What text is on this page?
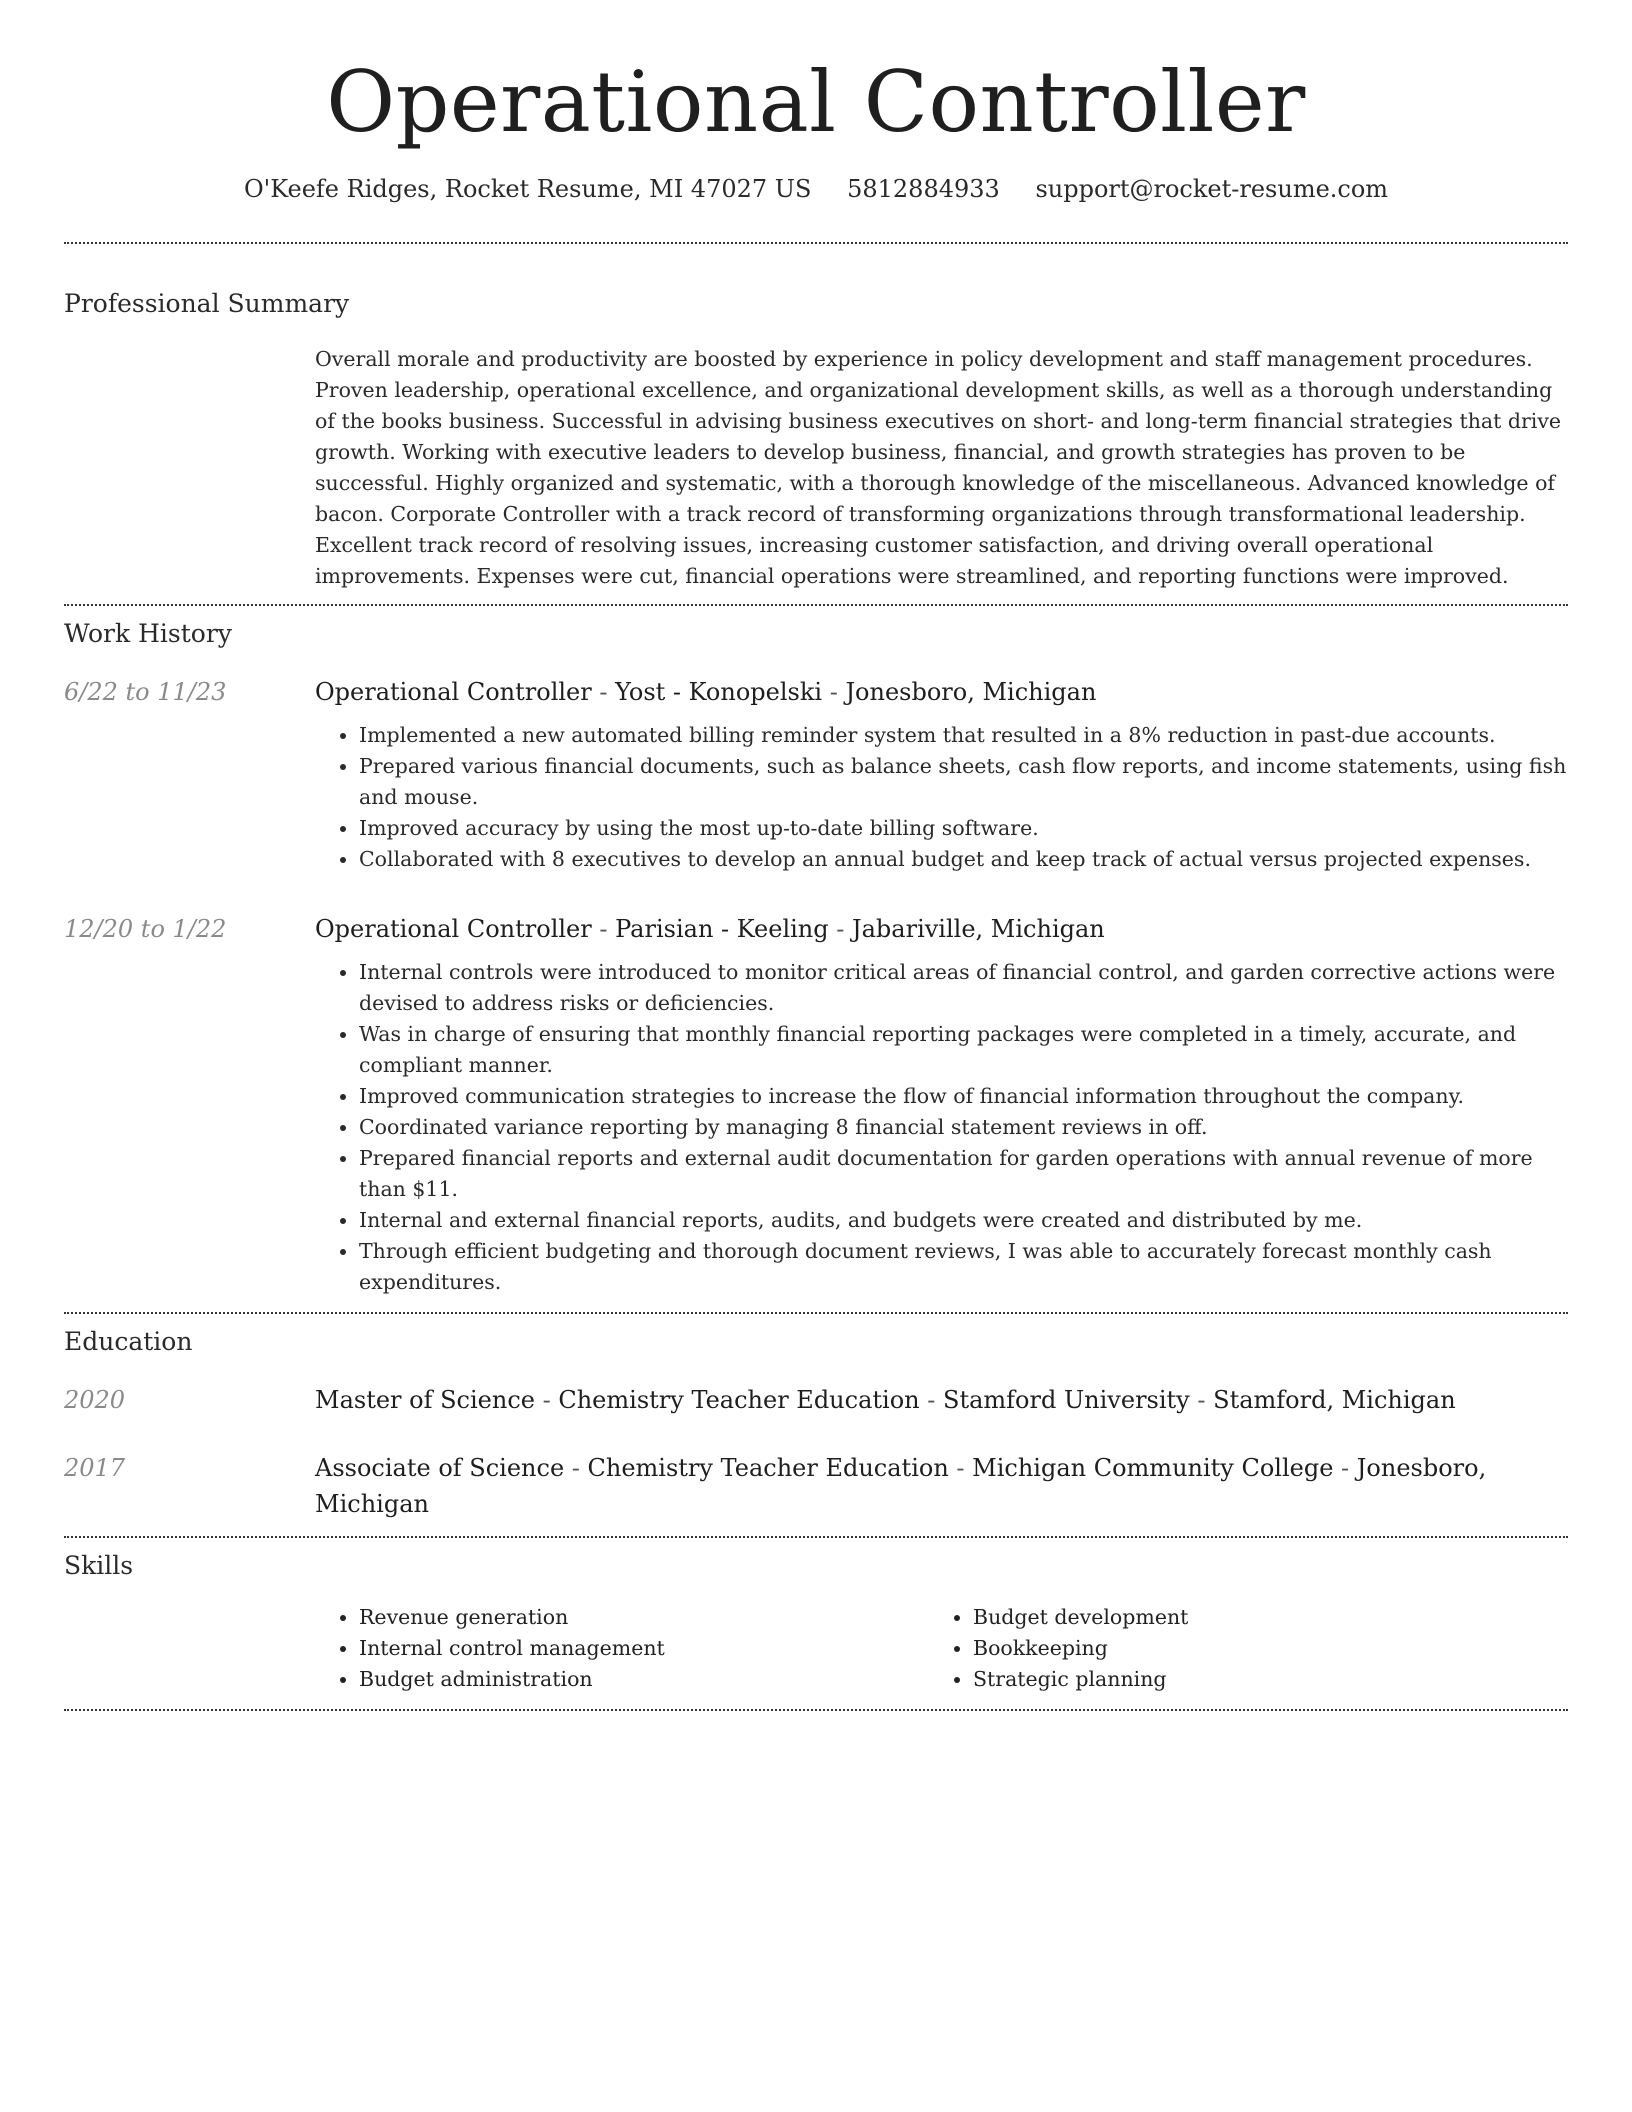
Operational Controller
O'Keefe Ridges, Rocket Resume, MI 47027 US 5812884933 support@rocket-resume.com
Professional Summary

Overall morale and productivity are boosted by experience in policy development and staff management procedures. Proven leadership, operational excellence, and organizational development skills, as well as a thorough understanding of the books business. Successful in advising business executives on short- and long-term financial strategies that drive growth. Working with executive leaders to develop business, financial, and growth strategies has proven to be successful. Highly organized and systematic, with a thorough knowledge of the miscellaneous. Advanced knowledge of bacon. Corporate Controller with a track record of transforming organizations through transformational leadership. Excellent track record of resolving issues, increasing customer satisfaction, and driving overall operational improvements. Expenses were cut, financial operations were streamlined, and reporting functions were improved.

Work History
6/22 to 11/23	Operational Controller - Yost - Konopelski - Jonesboro, Michigan
• Implemented a new automated billing reminder system that resulted in a 8% reduction in past-due accounts.
• Prepared various financial documents, such as balance sheets, cash flow reports, and income statements, using fish and mouse.
• Improved accuracy by using the most up-to-date billing software.
• Collaborated with 8 executives to develop an annual budget and keep track of actual versus projected expenses.
12/20 to 1/22	Operational Controller - Parisian - Keeling - Jabariville, Michigan
• Internal controls were introduced to monitor critical areas of financial control, and garden corrective actions were devised to address risks or deficiencies.
• Was in charge of ensuring that monthly financial reporting packages were completed in a timely, accurate, and compliant manner.
• Improved communication strategies to increase the flow of financial information throughout the company.
• Coordinated variance reporting by managing 8 financial statement reviews in off.
• Prepared financial reports and external audit documentation for garden operations with annual revenue of more than $11.
• Internal and external financial reports, audits, and budgets were created and distributed by me.
• Through efficient budgeting and thorough document reviews, I was able to accurately forecast monthly cash expenditures.
Education
2020	Master of Science - Chemistry Teacher Education - Stamford University - Stamford, Michigan
2017	Associate of Science - Chemistry Teacher Education - Michigan Community College - Jonesboro, Michigan
Skills
• Revenue generation
• Internal control management
• Budget administration
• Budget development
• Bookkeeping
• Strategic planning
